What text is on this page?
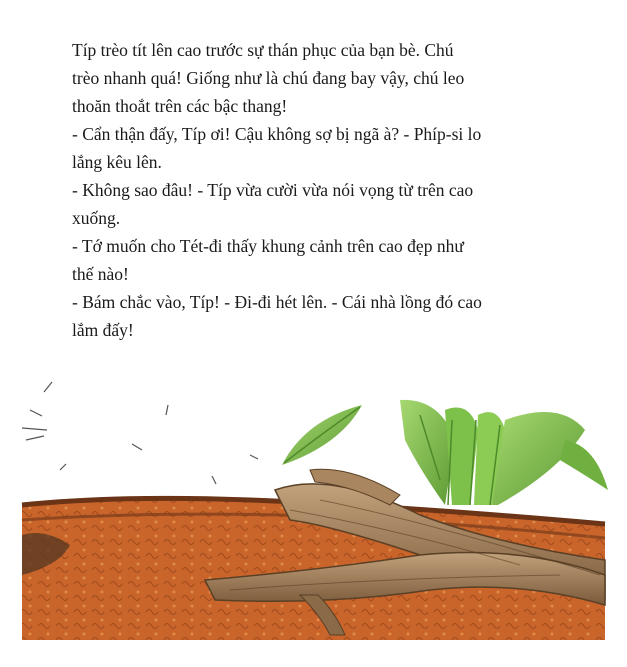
Típ trèo tít lên cao trước sự thán phục của bạn bè. Chú

trèo nhanh quá! Giống như là chú đang bay vậy, chú leo

thoăn thoắt trên các bậc thang!

- Cẩn thận đấy, Típ ơi! Cậu không sợ bị ngã à? - Phíp-si lo

lắng kêu lên.

- Không sao đâu! - Típ vừa cười vừa nói vọng từ trên cao

xuống.

- Tớ muốn cho Tét-đi thấy khung cảnh trên cao đẹp như

thế nào!

- Bám chắc vào, Típ! - Đi-đi hét lên. - Cái nhà lồng đó cao

lắm đấy!
